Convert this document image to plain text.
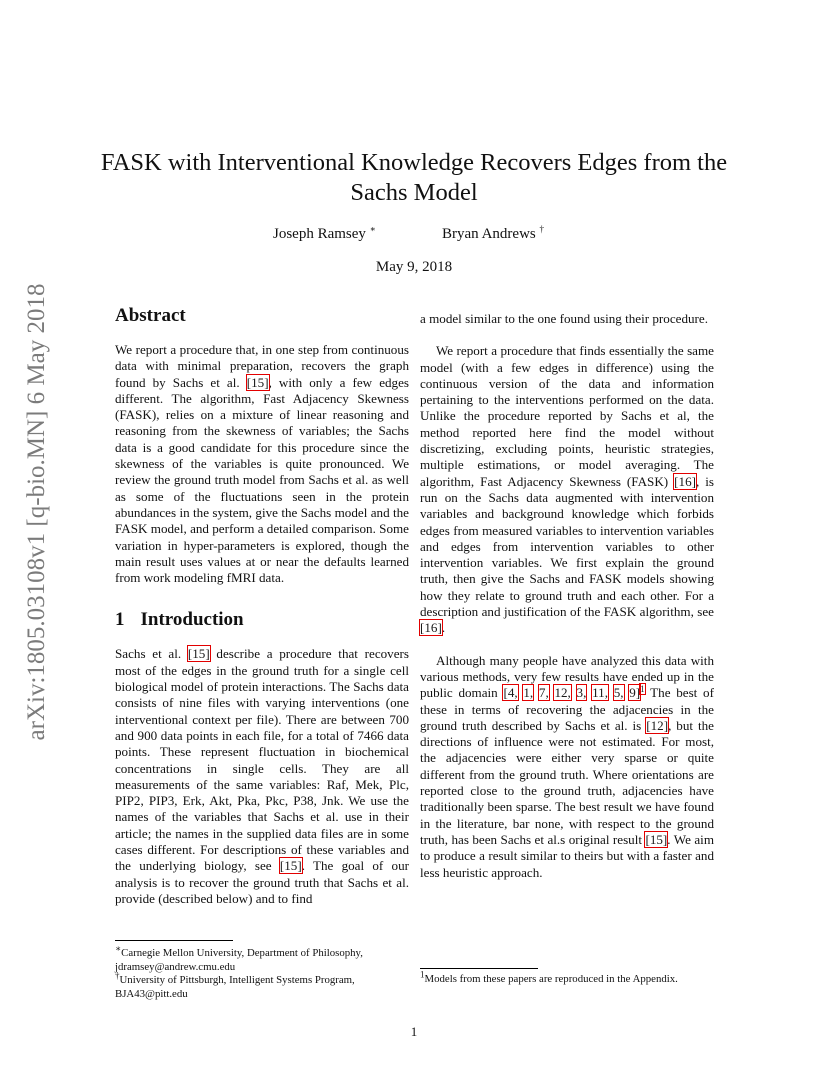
arXiv:1805.03108v1 [q-bio.MN] 6 May 2018
FASK with Interventional Knowledge Recovers Edges from the Sachs Model
Joseph Ramsey ∗	Bryan Andrews †
May 9, 2018
Abstract

We report a procedure that, in one step from continuous data with minimal preparation, recovers the graph found by Sachs et al. [15], with only a few edges different. The algorithm, Fast Adjacency Skewness (FASK), relies on a mixture of linear reasoning and reasoning from the skewness of variables; the Sachs data is a good candidate for this procedure since the skewness of the variables is quite pronounced. We review the ground truth model from Sachs et al. as well as some of the fluctuations seen in the protein abundances in the system, give the Sachs model and the FASK model, and perform a detailed comparison. Some variation in hyper-parameters is explored, though the main result uses values at or near the defaults learned from work modeling fMRI data.

1 Introduction

Sachs et al. [15] describe a procedure that recovers most of the edges in the ground truth for a single cell biological model of protein interactions. The Sachs data consists of nine files with varying interventions (one interventional context per file). There are between 700 and 900 data points in each file, for a total of 7466 data points. These represent fluctuation in biochemical concentrations in single cells. They are all measurements of the same variables: Raf, Mek, Plc, PIP2, PIP3, Erk, Akt, Pka, Pkc, P38, Jnk. We use the names of the variables that Sachs et al. use in their article; the names in the supplied data files are in some cases different. For descriptions of these variables and the underlying biology, see [15]. The goal of our analysis is to recover the ground truth that Sachs et al. provide (described below) and to find

a model similar to the one found using their procedure.

We report a procedure that finds essentially the same model (with a few edges in difference) using the continuous version of the data and information pertaining to the interventions performed on the data. Unlike the procedure reported by Sachs et al, the method reported here find the model without discretizing, excluding points, heuristic strategies, multiple estimations, or model averaging. The algorithm, Fast Adjacency Skewness (FASK) [16], is run on the Sachs data augmented with intervention variables and background knowledge which forbids edges from measured variables to intervention variables and edges from intervention variables to other intervention variables. We first explain the ground truth, then give the Sachs and FASK models showing how they relate to ground truth and each other. For a description and justification of the FASK algorithm, see [16].

Although many people have analyzed this data with various methods, very few results have ended up in the public domain [4, 1, 7, 12, 3, 11, 5, 9]$^1$ The best of these in terms of recovering the adjacencies in the ground truth described by Sachs et al. is [12], but the directions of influence were not estimated. For most, the adjacencies were either very sparse or quite different from the ground truth. Where orientations are reported close to the ground truth, adjacencies have traditionally been sparse. The best result we have found in the literature, bar none, with respect to the ground truth, has been Sachs et al.s original result [15]. We aim to produce a result similar to theirs but with a faster and less heuristic approach.

∗Carnegie Mellon University, Department of Philosophy, jdramsey@andrew.cmu.edu
†University of Pittsburgh, Intelligent Systems Program, BJA43@pitt.edu
$^1$Models from these papers are reproduced in the Appendix.
1
